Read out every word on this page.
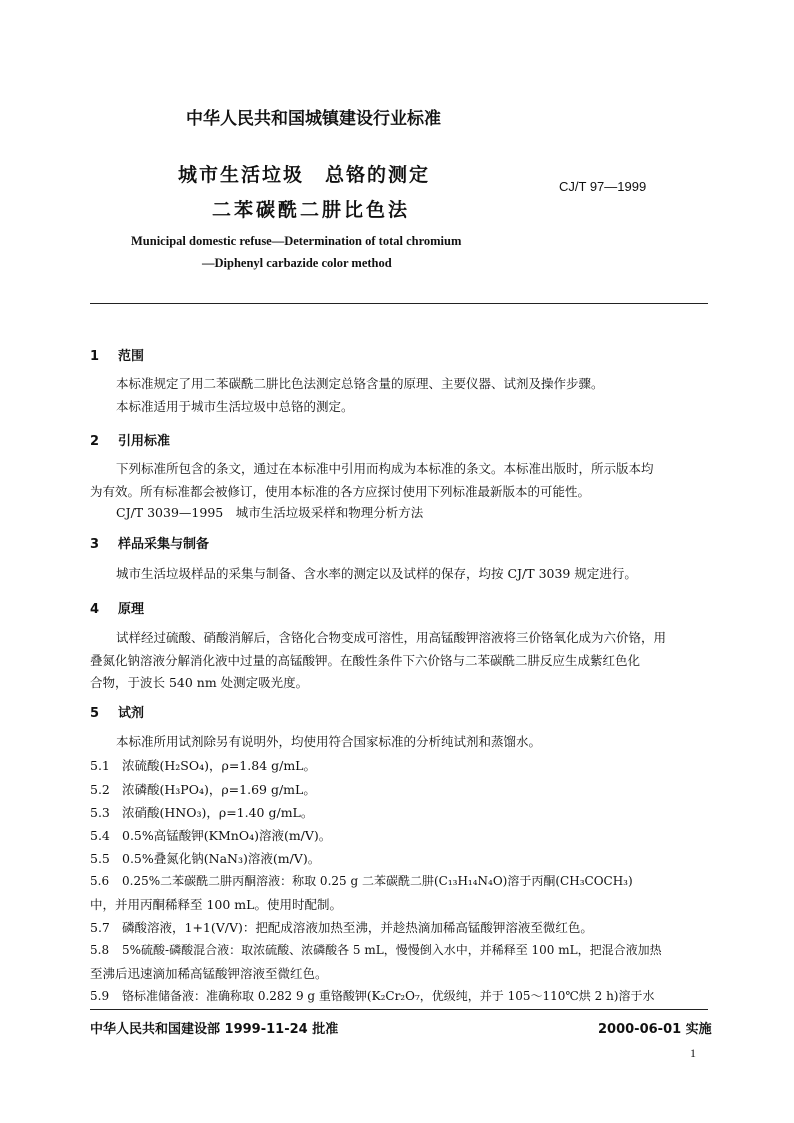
中华人民共和国城镇建设行业标准
城市生活垃圾　总铬的测定
二苯碳酰二肼比色法
CJ/T 97—1999
Municipal domestic refuse—Determination of total chromium
—Diphenyl carbazide color method
1 范围
本标准规定了用二苯碳酰二肼比色法测定总铬含量的原理、主要仪器、试剂及操作步骤。
本标准适用于城市生活垃圾中总铬的测定。
2 引用标准
下列标准所包含的条文，通过在本标准中引用而构成为本标准的条文。本标准出版时，所示版本均
为有效。所有标准都会被修订，使用本标准的各方应探讨使用下列标准最新版本的可能性。
CJ/T 3039—1995　城市生活垃圾采样和物理分析方法
3 样品采集与制备
城市生活垃圾样品的采集与制备、含水率的测定以及试样的保存，均按 CJ/T 3039 规定进行。
4 原理
试样经过硫酸、硝酸消解后，含铬化合物变成可溶性，用高锰酸钾溶液将三价铬氧化成为六价铬，用
叠氮化钠溶液分解消化液中过量的高锰酸钾。在酸性条件下六价铬与二苯碳酰二肼反应生成紫红色化
合物，于波长 540 nm 处测定吸光度。
5 试剂
本标准所用试剂除另有说明外，均使用符合国家标准的分析纯试剂和蒸馏水。
5.1 浓硫酸(H₂SO₄)，ρ=1.84 g/mL。
5.2 浓磷酸(H₃PO₄)，ρ=1.69 g/mL。
5.3 浓硝酸(HNO₃)，ρ=1.40 g/mL。
5.4 0.5%高锰酸钾(KMnO₄)溶液(m/V)。
5.5 0.5%叠氮化钠(NaN₃)溶液(m/V)。
5.6 0.25%二苯碳酰二肼丙酮溶液：称取 0.25 g 二苯碳酰二肼(C₁₃H₁₄N₄O)溶于丙酮(CH₃COCH₃)
中，并用丙酮稀释至 100 mL。使用时配制。
5.7 磷酸溶液，1+1(V/V)：把配成溶液加热至沸，并趁热滴加稀高锰酸钾溶液至微红色。
5.8 5%硫酸-磷酸混合液：取浓硫酸、浓磷酸各 5 mL，慢慢倒入水中，并稀释至 100 mL，把混合液加热
至沸后迅速滴加稀高锰酸钾溶液至微红色。
5.9 铬标准储备液：准确称取 0.282 9 g 重铬酸钾(K₂Cr₂O₇，优级纯，并于 105～110℃烘 2 h)溶于水
中华人民共和国建设部 1999-11-24 批准	2000-06-01 实施
1
